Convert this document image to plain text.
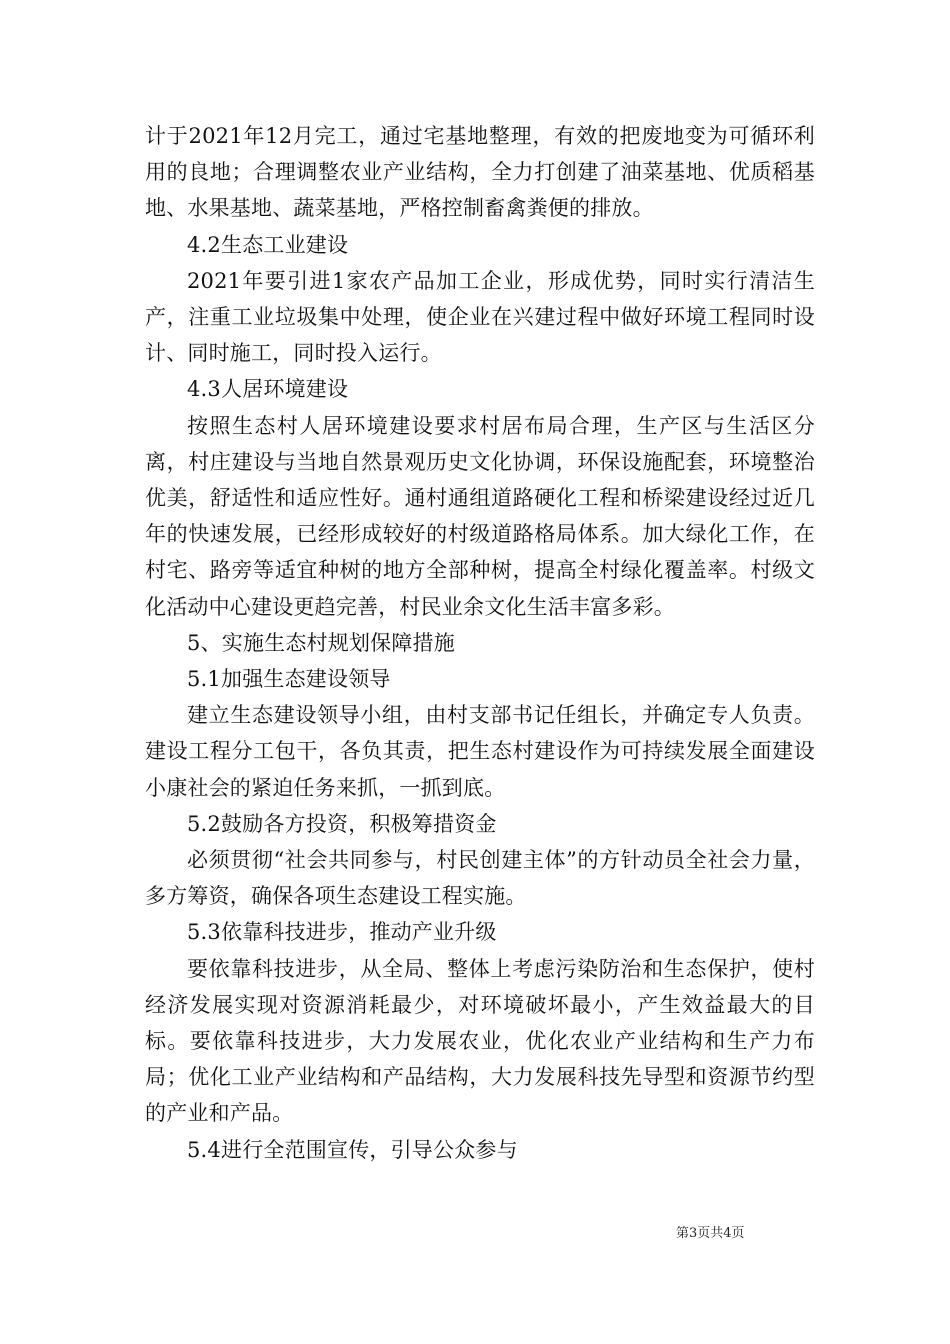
计于2021年12月完工，通过宅基地整理，有效的把废地变为可循环利用的良地；合理调整农业产业结构，全力打创建了油菜基地、优质稻基地、水果基地、蔬菜基地，严格控制畜禽粪便的排放。

4.2生态工业建设

2021年要引进1家农产品加工企业，形成优势，同时实行清洁生产，注重工业垃圾集中处理，使企业在兴建过程中做好环境工程同时设计、同时施工，同时投入运行。

4.3人居环境建设

按照生态村人居环境建设要求村居布局合理，生产区与生活区分离，村庄建设与当地自然景观历史文化协调，环保设施配套，环境整治优美，舒适性和适应性好。通村通组道路硬化工程和桥梁建设经过近几年的快速发展，已经形成较好的村级道路格局体系。加大绿化工作，在村宅、路旁等适宜种树的地方全部种树，提高全村绿化覆盖率。村级文化活动中心建设更趋完善，村民业余文化生活丰富多彩。

5、实施生态村规划保障措施

5.1加强生态建设领导

建立生态建设领导小组，由村支部书记任组长，并确定专人负责。建设工程分工包干，各负其责，把生态村建设作为可持续发展全面建设小康社会的紧迫任务来抓，一抓到底。

5.2鼓励各方投资，积极筹措资金

必须贯彻“社会共同参与，村民创建主体”的方针动员全社会力量，多方筹资，确保各项生态建设工程实施。

5.3依靠科技进步，推动产业升级

要依靠科技进步，从全局、整体上考虑污染防治和生态保护，使村经济发展实现对资源消耗最少，对环境破坏最小，产生效益最大的目标。要依靠科技进步，大力发展农业，优化农业产业结构和生产力布局；优化工业产业结构和产品结构，大力发展科技先导型和资源节约型的产业和产品。

5.4进行全范围宣传，引导公众参与

第3页共4页
